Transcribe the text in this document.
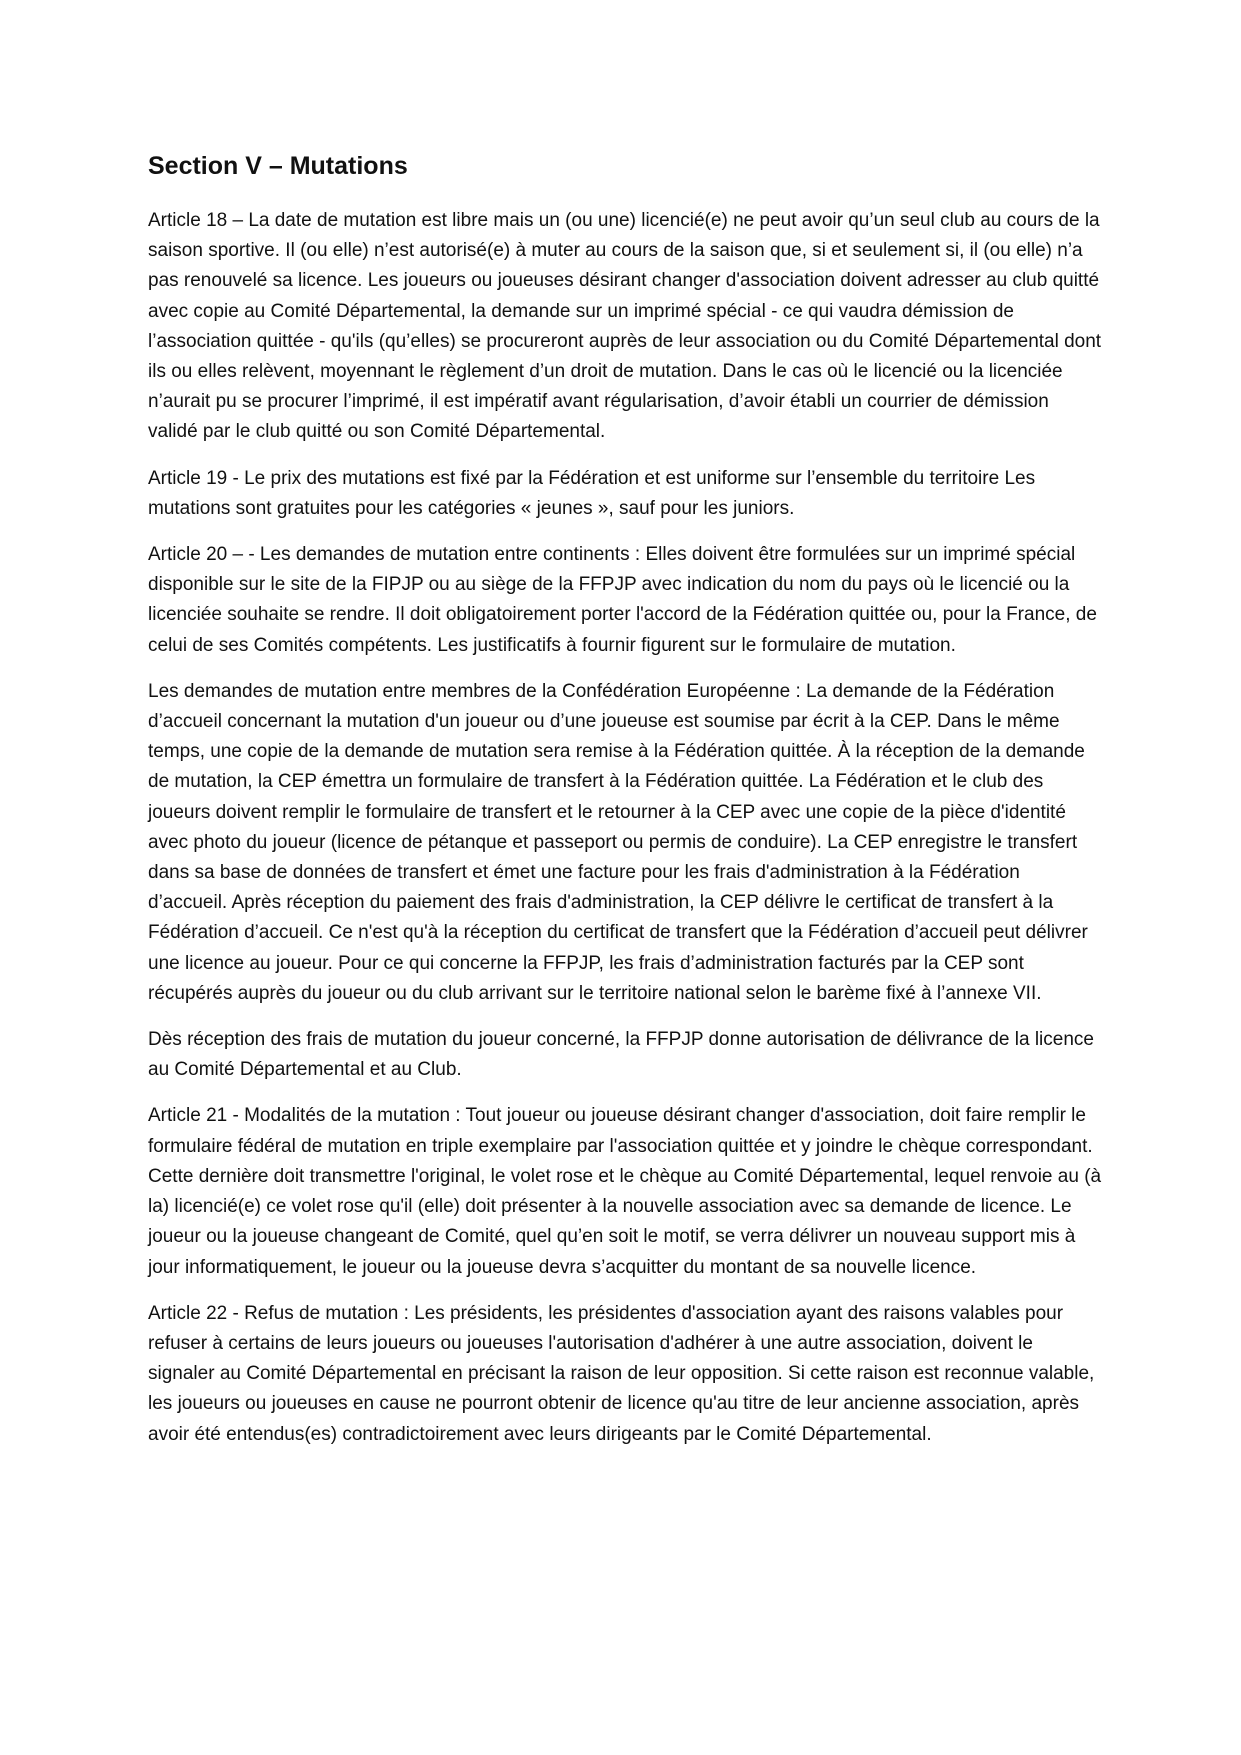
Section V – Mutations

Article 18 – La date de mutation est libre mais un (ou une) licencié(e) ne peut avoir qu’un seul club au cours de la saison sportive. Il (ou elle) n’est autorisé(e) à muter au cours de la saison que, si et seulement si, il (ou elle) n’a pas renouvelé sa licence. Les joueurs ou joueuses désirant changer d'association doivent adresser au club quitté avec copie au Comité Départemental, la demande sur un imprimé spécial - ce qui vaudra démission de l’association quittée - qu'ils (qu’elles) se procureront auprès de leur association ou du Comité Départemental dont ils ou elles relèvent, moyennant le règlement d’un droit de mutation. Dans le cas où le licencié ou la licenciée n’aurait pu se procurer l’imprimé, il est impératif avant régularisation, d’avoir établi un courrier de démission validé par le club quitté ou son Comité Départemental.

Article 19 - Le prix des mutations est fixé par la Fédération et est uniforme sur l’ensemble du territoire Les mutations sont gratuites pour les catégories « jeunes », sauf pour les juniors.

Article 20 – - Les demandes de mutation entre continents : Elles doivent être formulées sur un imprimé spécial disponible sur le site de la FIPJP ou au siège de la FFPJP avec indication du nom du pays où le licencié ou la licenciée souhaite se rendre. Il doit obligatoirement porter l'accord de la Fédération quittée ou, pour la France, de celui de ses Comités compétents. Les justificatifs à fournir figurent sur le formulaire de mutation.

Les demandes de mutation entre membres de la Confédération Européenne : La demande de la Fédération d’accueil concernant la mutation d'un joueur ou d’une joueuse est soumise par écrit à la CEP. Dans le même temps, une copie de la demande de mutation sera remise à la Fédération quittée. À la réception de la demande de mutation, la CEP émettra un formulaire de transfert à la Fédération quittée. La Fédération et le club des joueurs doivent remplir le formulaire de transfert et le retourner à la CEP avec une copie de la pièce d'identité avec photo du joueur (licence de pétanque et passeport ou permis de conduire). La CEP enregistre le transfert dans sa base de données de transfert et émet une facture pour les frais d'administration à la Fédération d’accueil. Après réception du paiement des frais d'administration, la CEP délivre le certificat de transfert à la Fédération d’accueil. Ce n'est qu'à la réception du certificat de transfert que la Fédération d’accueil peut délivrer une licence au joueur. Pour ce qui concerne la FFPJP, les frais d’administration facturés par la CEP sont récupérés auprès du joueur ou du club arrivant sur le territoire national selon le barème fixé à l’annexe VII.

Dès réception des frais de mutation du joueur concerné, la FFPJP donne autorisation de délivrance de la licence au Comité Départemental et au Club.

Article 21 - Modalités de la mutation : Tout joueur ou joueuse désirant changer d'association, doit faire remplir le formulaire fédéral de mutation en triple exemplaire par l'association quittée et y joindre le chèque correspondant. Cette dernière doit transmettre l'original, le volet rose et le chèque au Comité Départemental, lequel renvoie au (à la) licencié(e) ce volet rose qu'il (elle) doit présenter à la nouvelle association avec sa demande de licence. Le joueur ou la joueuse changeant de Comité, quel qu’en soit le motif, se verra délivrer un nouveau support mis à jour informatiquement, le joueur ou la joueuse devra s’acquitter du montant de sa nouvelle licence.

Article 22 - Refus de mutation : Les présidents, les présidentes d'association ayant des raisons valables pour refuser à certains de leurs joueurs ou joueuses l'autorisation d'adhérer à une autre association, doivent le signaler au Comité Départemental en précisant la raison de leur opposition. Si cette raison est reconnue valable, les joueurs ou joueuses en cause ne pourront obtenir de licence qu'au titre de leur ancienne association, après avoir été entendus(es) contradictoirement avec leurs dirigeants par le Comité Départemental.
